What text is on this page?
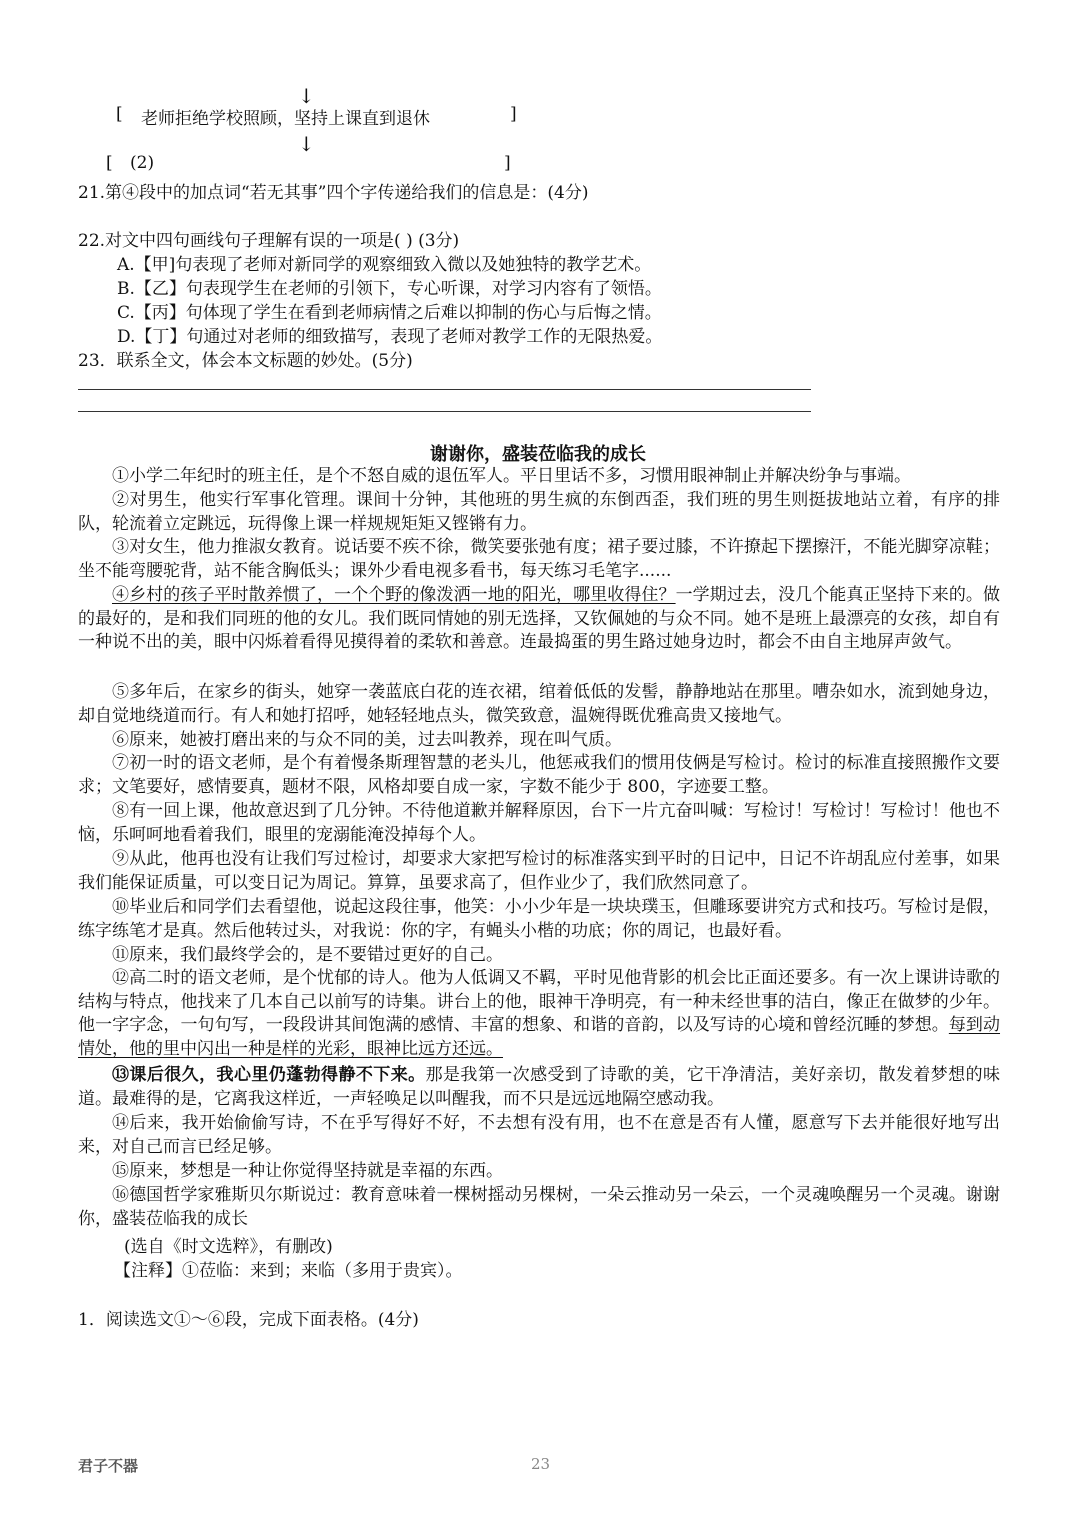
↓
[ 老师拒绝学校照顾，坚持上课直到退休	]
↓
[ (2)	]
21.第④段中的加点词“若无其事”四个字传递给我们的信息是：(4分)
22.对文中四句画线句子理解有误的一项是( ) (3分)
A.【甲]句表现了老师对新同学的观察细致入微以及她独特的教学艺术。
B.【乙】句表现学生在老师的引领下，专心听课，对学习内容有了领悟。
C.【丙】句体现了学生在看到老师病情之后难以抑制的伤心与后悔之情。
D.【丁】句通过对老师的细致描写，表现了老师对教学工作的无限热爱。
23．联系全文，体会本文标题的妙处。(5分)
谢谢你，盛装莅临我的成长
①小学二年纪时的班主任，是个不怒自威的退伍军人。平日里话不多，习惯用眼神制止并解决纷争与事端。
②对男生，他实行军事化管理。课间十分钟，其他班的男生疯的东倒西歪，我们班的男生则挺拔地站立着，有序的排队，轮流着立定跳远，玩得像上课一样规规矩矩又铿锵有力。
③对女生，他力推淑女教育。说话要不疾不徐，微笑要张弛有度；裙子要过膝，不许撩起下摆擦汗，不能光脚穿凉鞋；坐不能弯腰驼背，站不能含胸低头；课外少看电视多看书，每天练习毛笔字......
④乡村的孩子平时散养惯了，一个个野的像泼洒一地的阳光，哪里收得住？一学期过去，没几个能真正坚持下来的。做的最好的，是和我们同班的他的女儿。我们既同情她的别无选择，又钦佩她的与众不同。她不是班上最漂亮的女孩，却自有一种说不出的美，眼中闪烁着看得见摸得着的柔软和善意。连最捣蛋的男生路过她身边时，都会不由自主地屏声敛气。
⑤多年后，在家乡的街头，她穿一袭蓝底白花的连衣裙，绾着低低的发髻，静静地站在那里。嘈杂如水，流到她身边，却自觉地绕道而行。有人和她打招呼，她轻轻地点头，微笑致意，温婉得既优雅高贵又接地气。
⑥原来，她被打磨出来的与众不同的美，过去叫教养，现在叫气质。
⑦初一时的语文老师，是个有着慢条斯理智慧的老头儿，他惩戒我们的惯用伎俩是写检讨。检讨的标准直接照搬作文要求；文笔要好，感情要真，题材不限，风格却要自成一家，字数不能少于 800，字迹要工整。
⑧有一回上课，他故意迟到了几分钟。不待他道歉并解释原因，台下一片亢奋叫喊：写检讨！写检讨！写检讨！他也不恼，乐呵呵地看着我们，眼里的宠溺能淹没掉每个人。
⑨从此，他再也没有让我们写过检讨，却要求大家把写检讨的标准落实到平时的日记中，日记不许胡乱应付差事，如果我们能保证质量，可以变日记为周记。算算，虽要求高了，但作业少了，我们欣然同意了。
⑩毕业后和同学们去看望他，说起这段往事，他笑：小小少年是一块块璞玉，但雕琢要讲究方式和技巧。写检讨是假，练字练笔才是真。然后他转过头，对我说：你的字，有蝇头小楷的功底；你的周记，也最好看。
⑪原来，我们最终学会的，是不要错过更好的自己。
⑫高二时的语文老师，是个忧郁的诗人。他为人低调又不羁，平时见他背影的机会比正面还要多。有一次上课讲诗歌的结构与特点，他找来了几本自己以前写的诗集。讲台上的他，眼神干净明亮，有一种未经世事的洁白，像正在做梦的少年。他一字字念，一句句写，一段段讲其间饱满的感情、丰富的想象、和谐的音韵，以及写诗的心境和曾经沉睡的梦想。每到动情处，他的里中闪出一种是样的光彩，眼神比远方还远。
⑬课后很久，我心里仍蓬勃得静不下来。那是我第一次感受到了诗歌的美，它干净清洁，美好亲切，散发着梦想的味道。最难得的是，它离我这样近，一声轻唤足以叫醒我，而不只是远远地隔空感动我。
⑭后来，我开始偷偷写诗，不在乎写得好不好，不去想有没有用，也不在意是否有人懂，愿意写下去并能很好地写出来，对自己而言已经足够。
⑮原来，梦想是一种让你觉得坚持就是幸福的东西。
⑯德国哲学家雅斯贝尔斯说过：教育意味着一棵树摇动另棵树，一朵云推动另一朵云，一个灵魂唤醒另一个灵魂。谢谢你，盛装莅临我的成长
(选自《时文选粹》，有删改)
【注释】①莅临：来到；来临（多用于贵宾）。
1．阅读选文①～⑥段，完成下面表格。(4分)
君子不器	23
